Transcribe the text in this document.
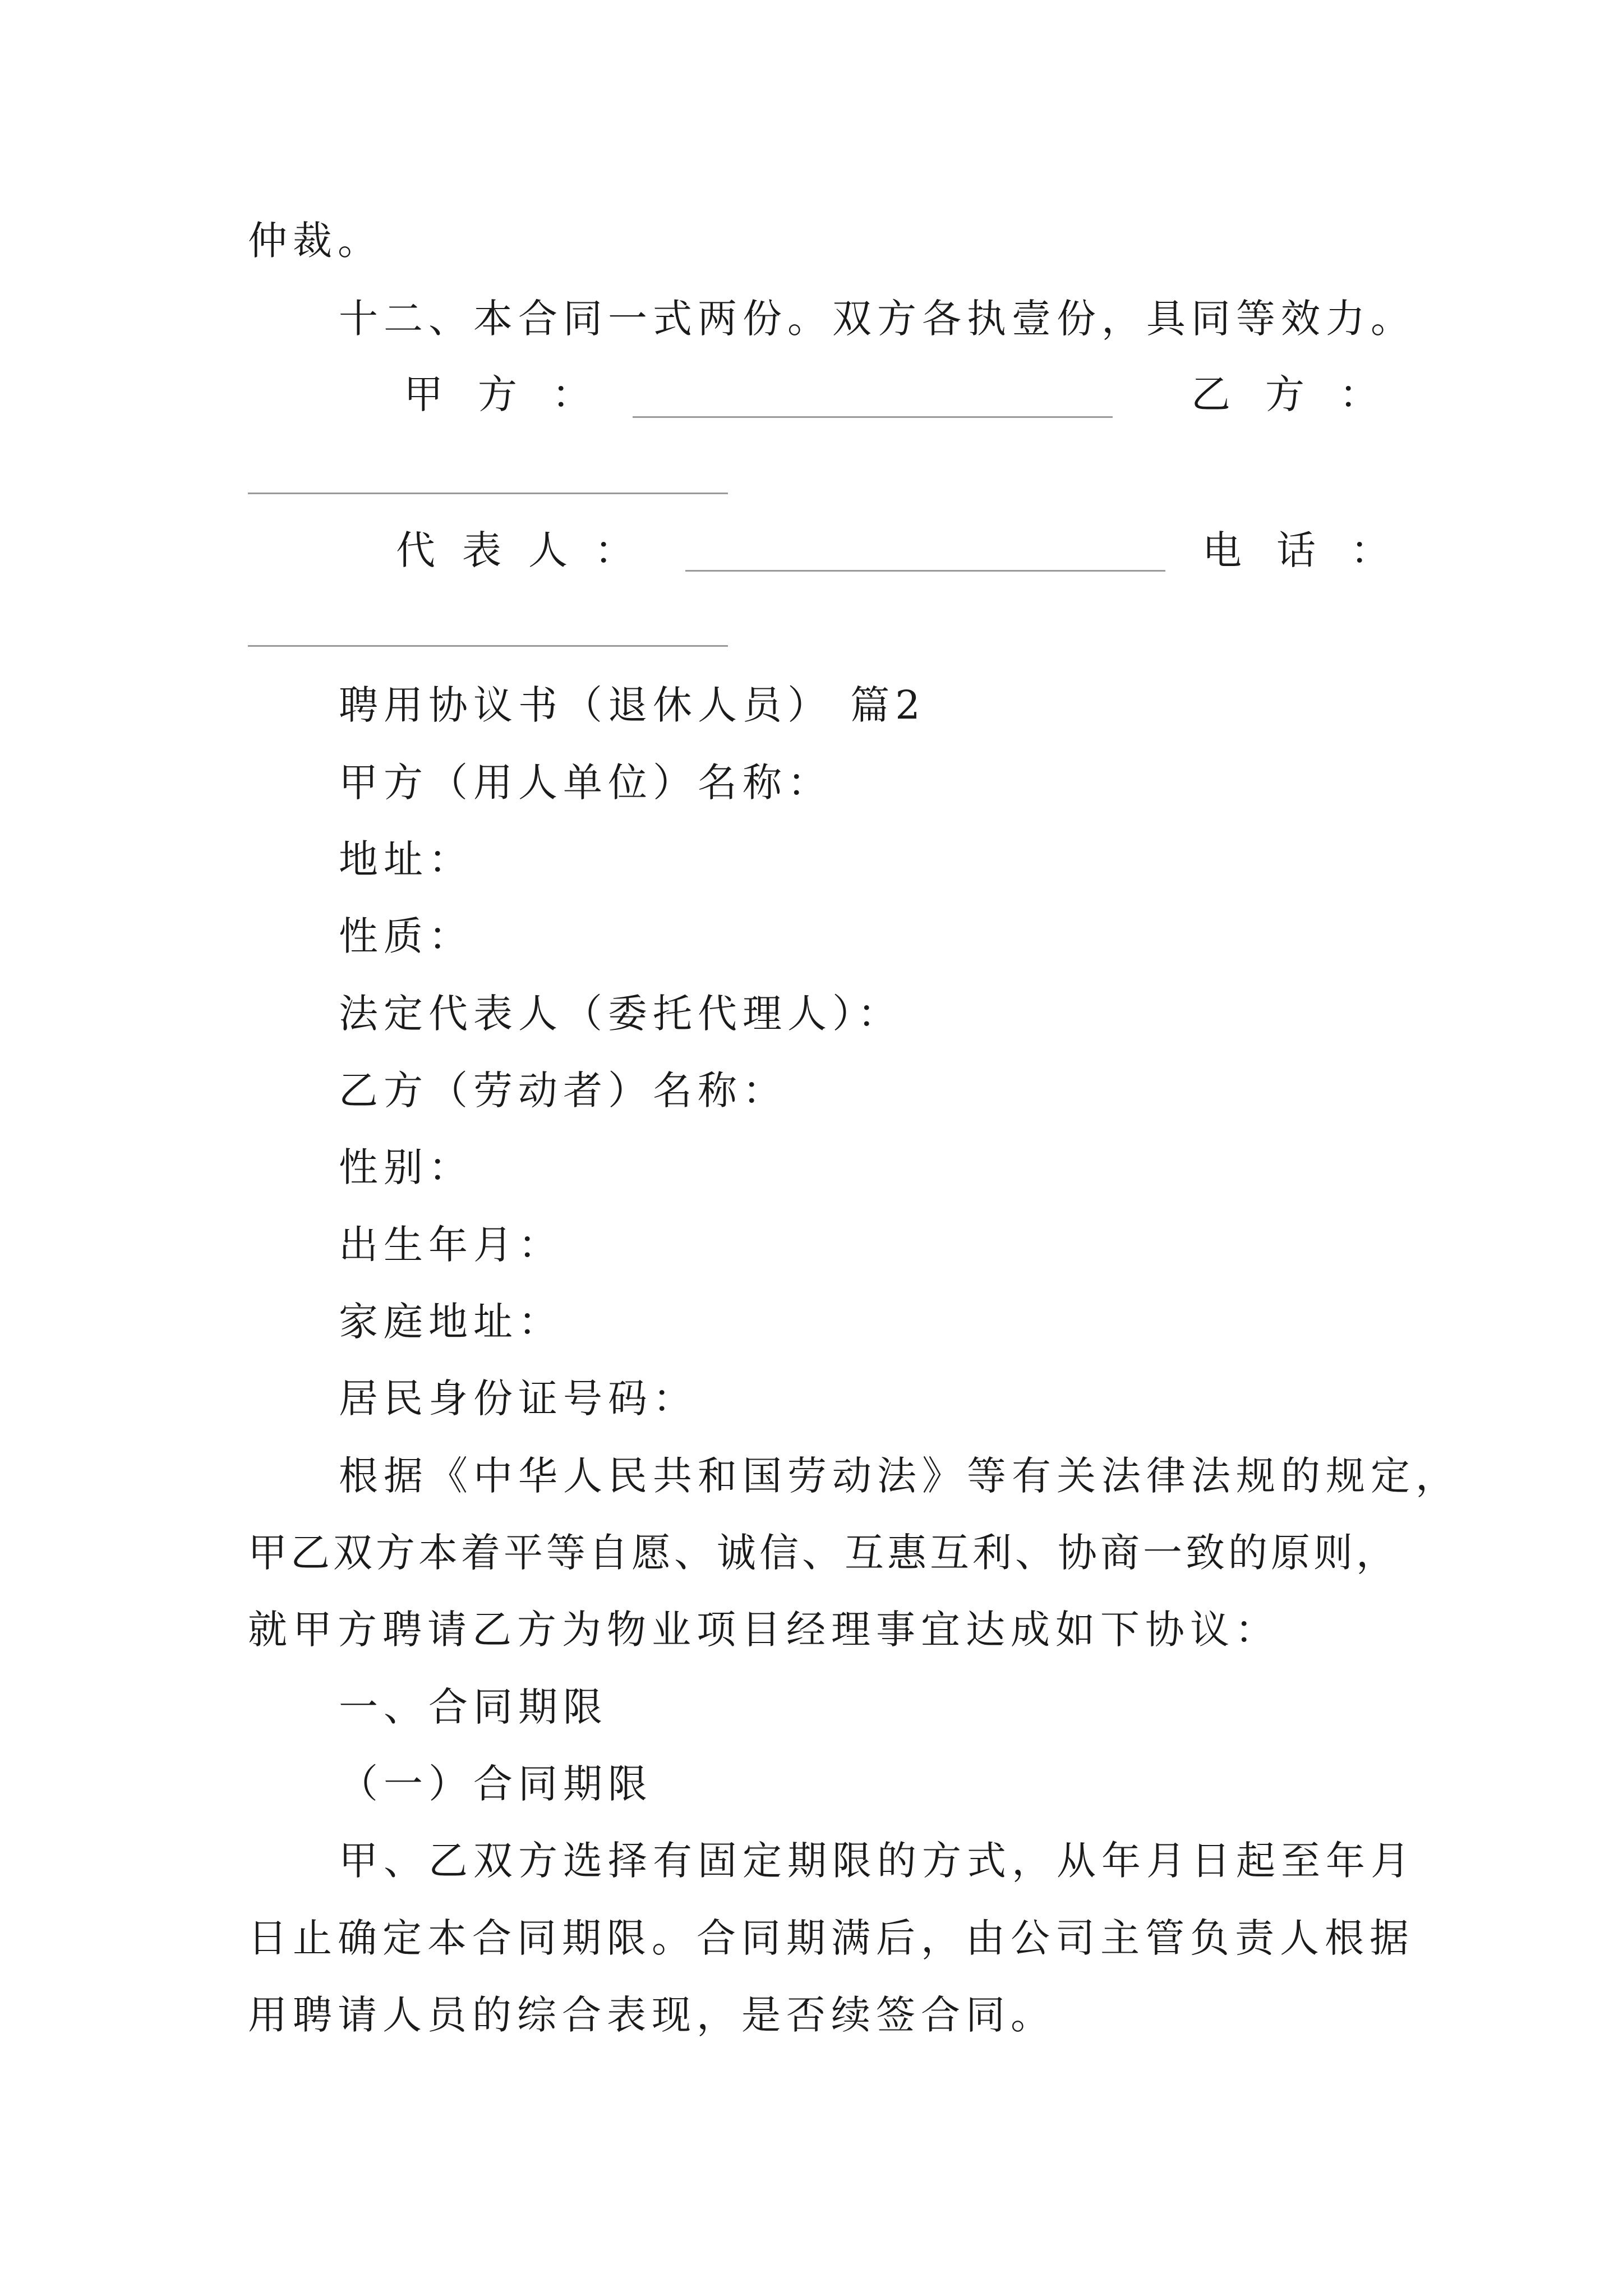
仲裁。
十二、本合同一式两份。双方各执壹份，具同等效力。
甲方：	乙方：
代表人：	电话：
聘用协议书（退休人员） 篇2
甲方（用人单位）名称：
地址：
性质：
法定代表人（委托代理人）：
乙方（劳动者）名称：
性别：
出生年月：
家庭地址：
居民身份证号码：
根据《中华人民共和国劳动法》等有关法律法规的规定，
甲乙双方本着平等自愿、诚信、互惠互利、协商一致的原则，
就甲方聘请乙方为物业项目经理事宜达成如下协议：
一、合同期限
（一）合同期限
甲、乙双方选择有固定期限的方式，从年月日起至年月
日止确定本合同期限。合同期满后，由公司主管负责人根据
用聘请人员的综合表现，是否续签合同。
